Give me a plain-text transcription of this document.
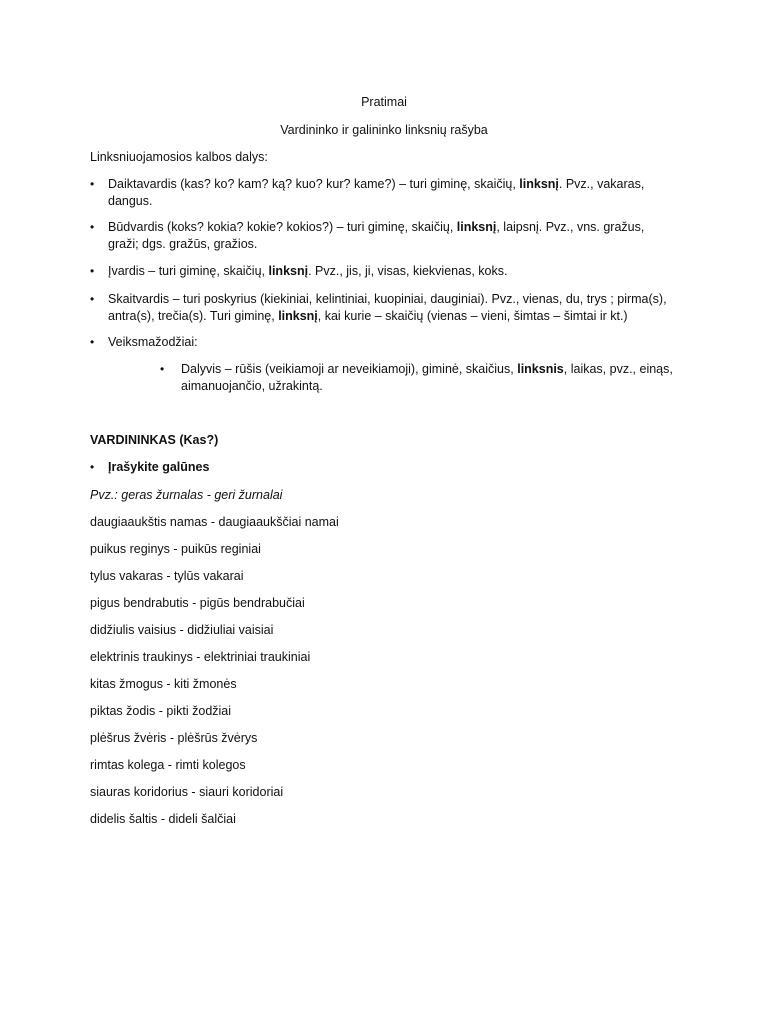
Pratimai
Vardininko ir galininko linksnių rašyba
Linksniuojamosios kalbos dalys:
• Daiktavardis (kas? ko? kam? ką? kuo? kur? kame?) – turi giminę, skaičių, linksnį. Pvz., vakaras, dangus.
• Būdvardis (koks? kokia? kokie? kokios?) – turi giminę, skaičių, linksnį, laipsnį. Pvz., vns. gražus, graži; dgs. gražūs, gražios.
• Įvardis – turi giminę, skaičių, linksnį. Pvz., jis, ji, visas, kiekvienas, koks.
• Skaitvardis – turi poskyrius (kiekiniai, kelintiniai, kuopiniai, dauginiai). Pvz., vienas, du, trys ; pirma(s), antra(s), trečia(s). Turi giminę, linksnį, kai kurie – skaičių (vienas – vieni, šimtas – šimtai ir kt.)
• Veiksmažodžiai:
• Dalyvis – rūšis (veikiamoji ar neveikiamoji), giminė, skaičius, linksnis, laikas, pvz., einąs, aimanuojančio, užrakintą.
VARDININKAS (Kas?)
• Įrašykite galūnes
Pvz.: geras žurnalas - geri žurnalai
daugiaaukštis namas - daugiaaukščiai namai
puikus reginys - puikūs reginiai
tylus vakaras - tylūs vakarai
pigus bendrabutis - pigūs bendrabučiai
didžiulis vaisius - didžiuliai vaisiai
elektrinis traukinys - elektriniai traukiniai
kitas žmogus - kiti žmonės
piktas žodis - pikti žodžiai
plėšrus žvėris - plėšrūs žvėrys
rimtas kolega - rimti kolegos
siauras koridorius - siauri koridoriai
didelis šaltis - dideli šalčiai
